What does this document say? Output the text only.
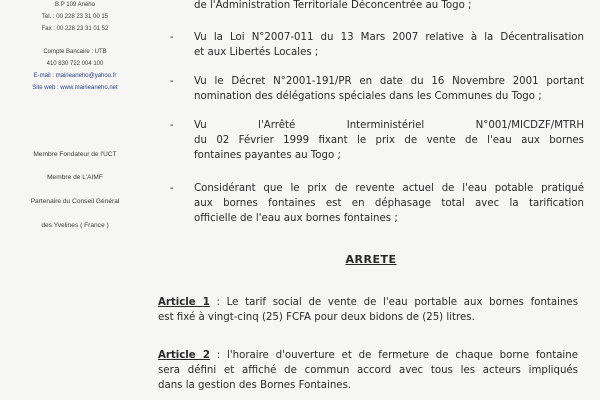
B.P 109 Aného
Tel. : 00 228 23 31 00 15
Fax : 00 228 23 31 01 52
Compte Bancaire : UTB
410 830 722 004 100
E-mail : mairieaneho@yahoo.fr
Site web : www.mairieaneho.net
Membre Fondateur de l'UCT
Membre de L'AIMF
Partenaire du Conseil Général
des Yvelines ( France )
de l'Administration Territoriale Déconcentrée au Togo ;
-	Vu la Loi N°2007-011 du 13 Mars 2007 relative à la Décentralisation
et aux Libertés Locales ;
-	Vu le Décret N°2001-191/PR en date du 16 Novembre 2001 portant
nomination des délégations spéciales dans les Communes du Togo ;
-	Vu l'Arrêté Interministériel N°001/MICDZF/MTRH
du 02 Février 1999 fixant le prix de vente de l'eau aux bornes
fontaines payantes au Togo ;
-	Considérant que le prix de revente actuel de l'eau potable pratiqué
aux bornes fontaines est en déphasage total avec la tarification
officielle de l'eau aux bornes fontaines ;
ARRETE
Article 1 : Le tarif social de vente de l'eau portable aux bornes fontaines
est fixé à vingt-cinq (25) FCFA pour deux bidons de (25) litres.
Article 2 : l'horaire d'ouverture et de fermeture de chaque borne fontaine
sera défini et affiché de commun accord avec tous les acteurs impliqués
dans la gestion des Bornes Fontaines.
